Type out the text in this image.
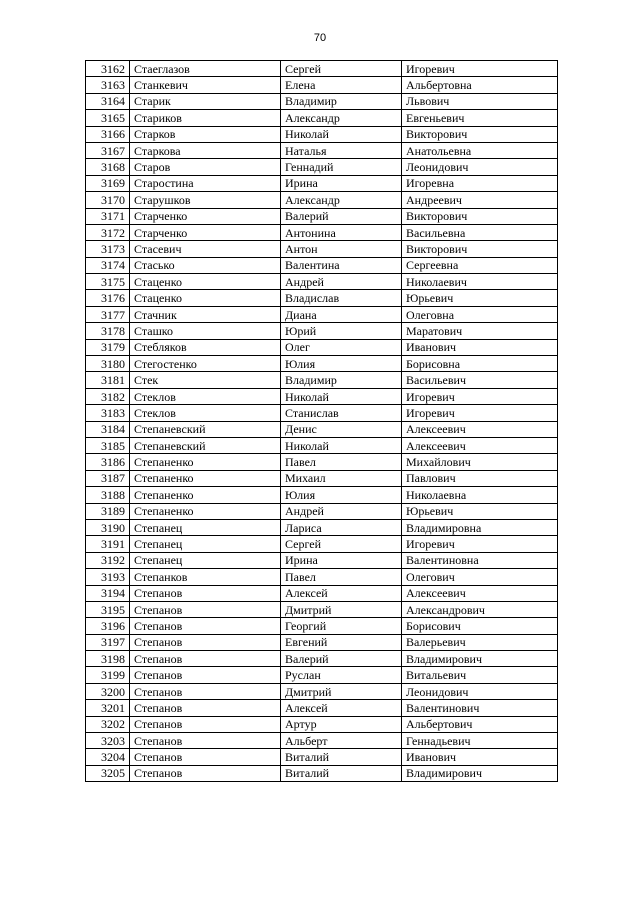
70
3162	Стаеглазов	Сергей	Игоревич
3163	Станкевич	Елена	Альбертовна
3164	Старик	Владимир	Львович
3165	Стариков	Александр	Евгеньевич
3166	Старков	Николай	Викторович
3167	Старкова	Наталья	Анатольевна
3168	Старов	Геннадий	Леонидович
3169	Старостина	Ирина	Игоревна
3170	Старушков	Александр	Андреевич
3171	Старченко	Валерий	Викторович
3172	Старченко	Антонина	Васильевна
3173	Стасевич	Антон	Викторович
3174	Стасько	Валентина	Сергеевна
3175	Стаценко	Андрей	Николаевич
3176	Стаценко	Владислав	Юрьевич
3177	Стачник	Диана	Олеговна
3178	Сташко	Юрий	Маратович
3179	Стебляков	Олег	Иванович
3180	Стегостенко	Юлия	Борисовна
3181	Стек	Владимир	Васильевич
3182	Стеклов	Николай	Игоревич
3183	Стеклов	Станислав	Игоревич
3184	Степаневский	Денис	Алексеевич
3185	Степаневский	Николай	Алексеевич
3186	Степаненко	Павел	Михайлович
3187	Степаненко	Михаил	Павлович
3188	Степаненко	Юлия	Николаевна
3189	Степаненко	Андрей	Юрьевич
3190	Степанец	Лариса	Владимировна
3191	Степанец	Сергей	Игоревич
3192	Степанец	Ирина	Валентиновна
3193	Степанков	Павел	Олегович
3194	Степанов	Алексей	Алексеевич
3195	Степанов	Дмитрий	Александрович
3196	Степанов	Георгий	Борисович
3197	Степанов	Евгений	Валерьевич
3198	Степанов	Валерий	Владимирович
3199	Степанов	Руслан	Витальевич
3200	Степанов	Дмитрий	Леонидович
3201	Степанов	Алексей	Валентинович
3202	Степанов	Артур	Альбертович
3203	Степанов	Альберт	Геннадьевич
3204	Степанов	Виталий	Иванович
3205	Степанов	Виталий	Владимирович
